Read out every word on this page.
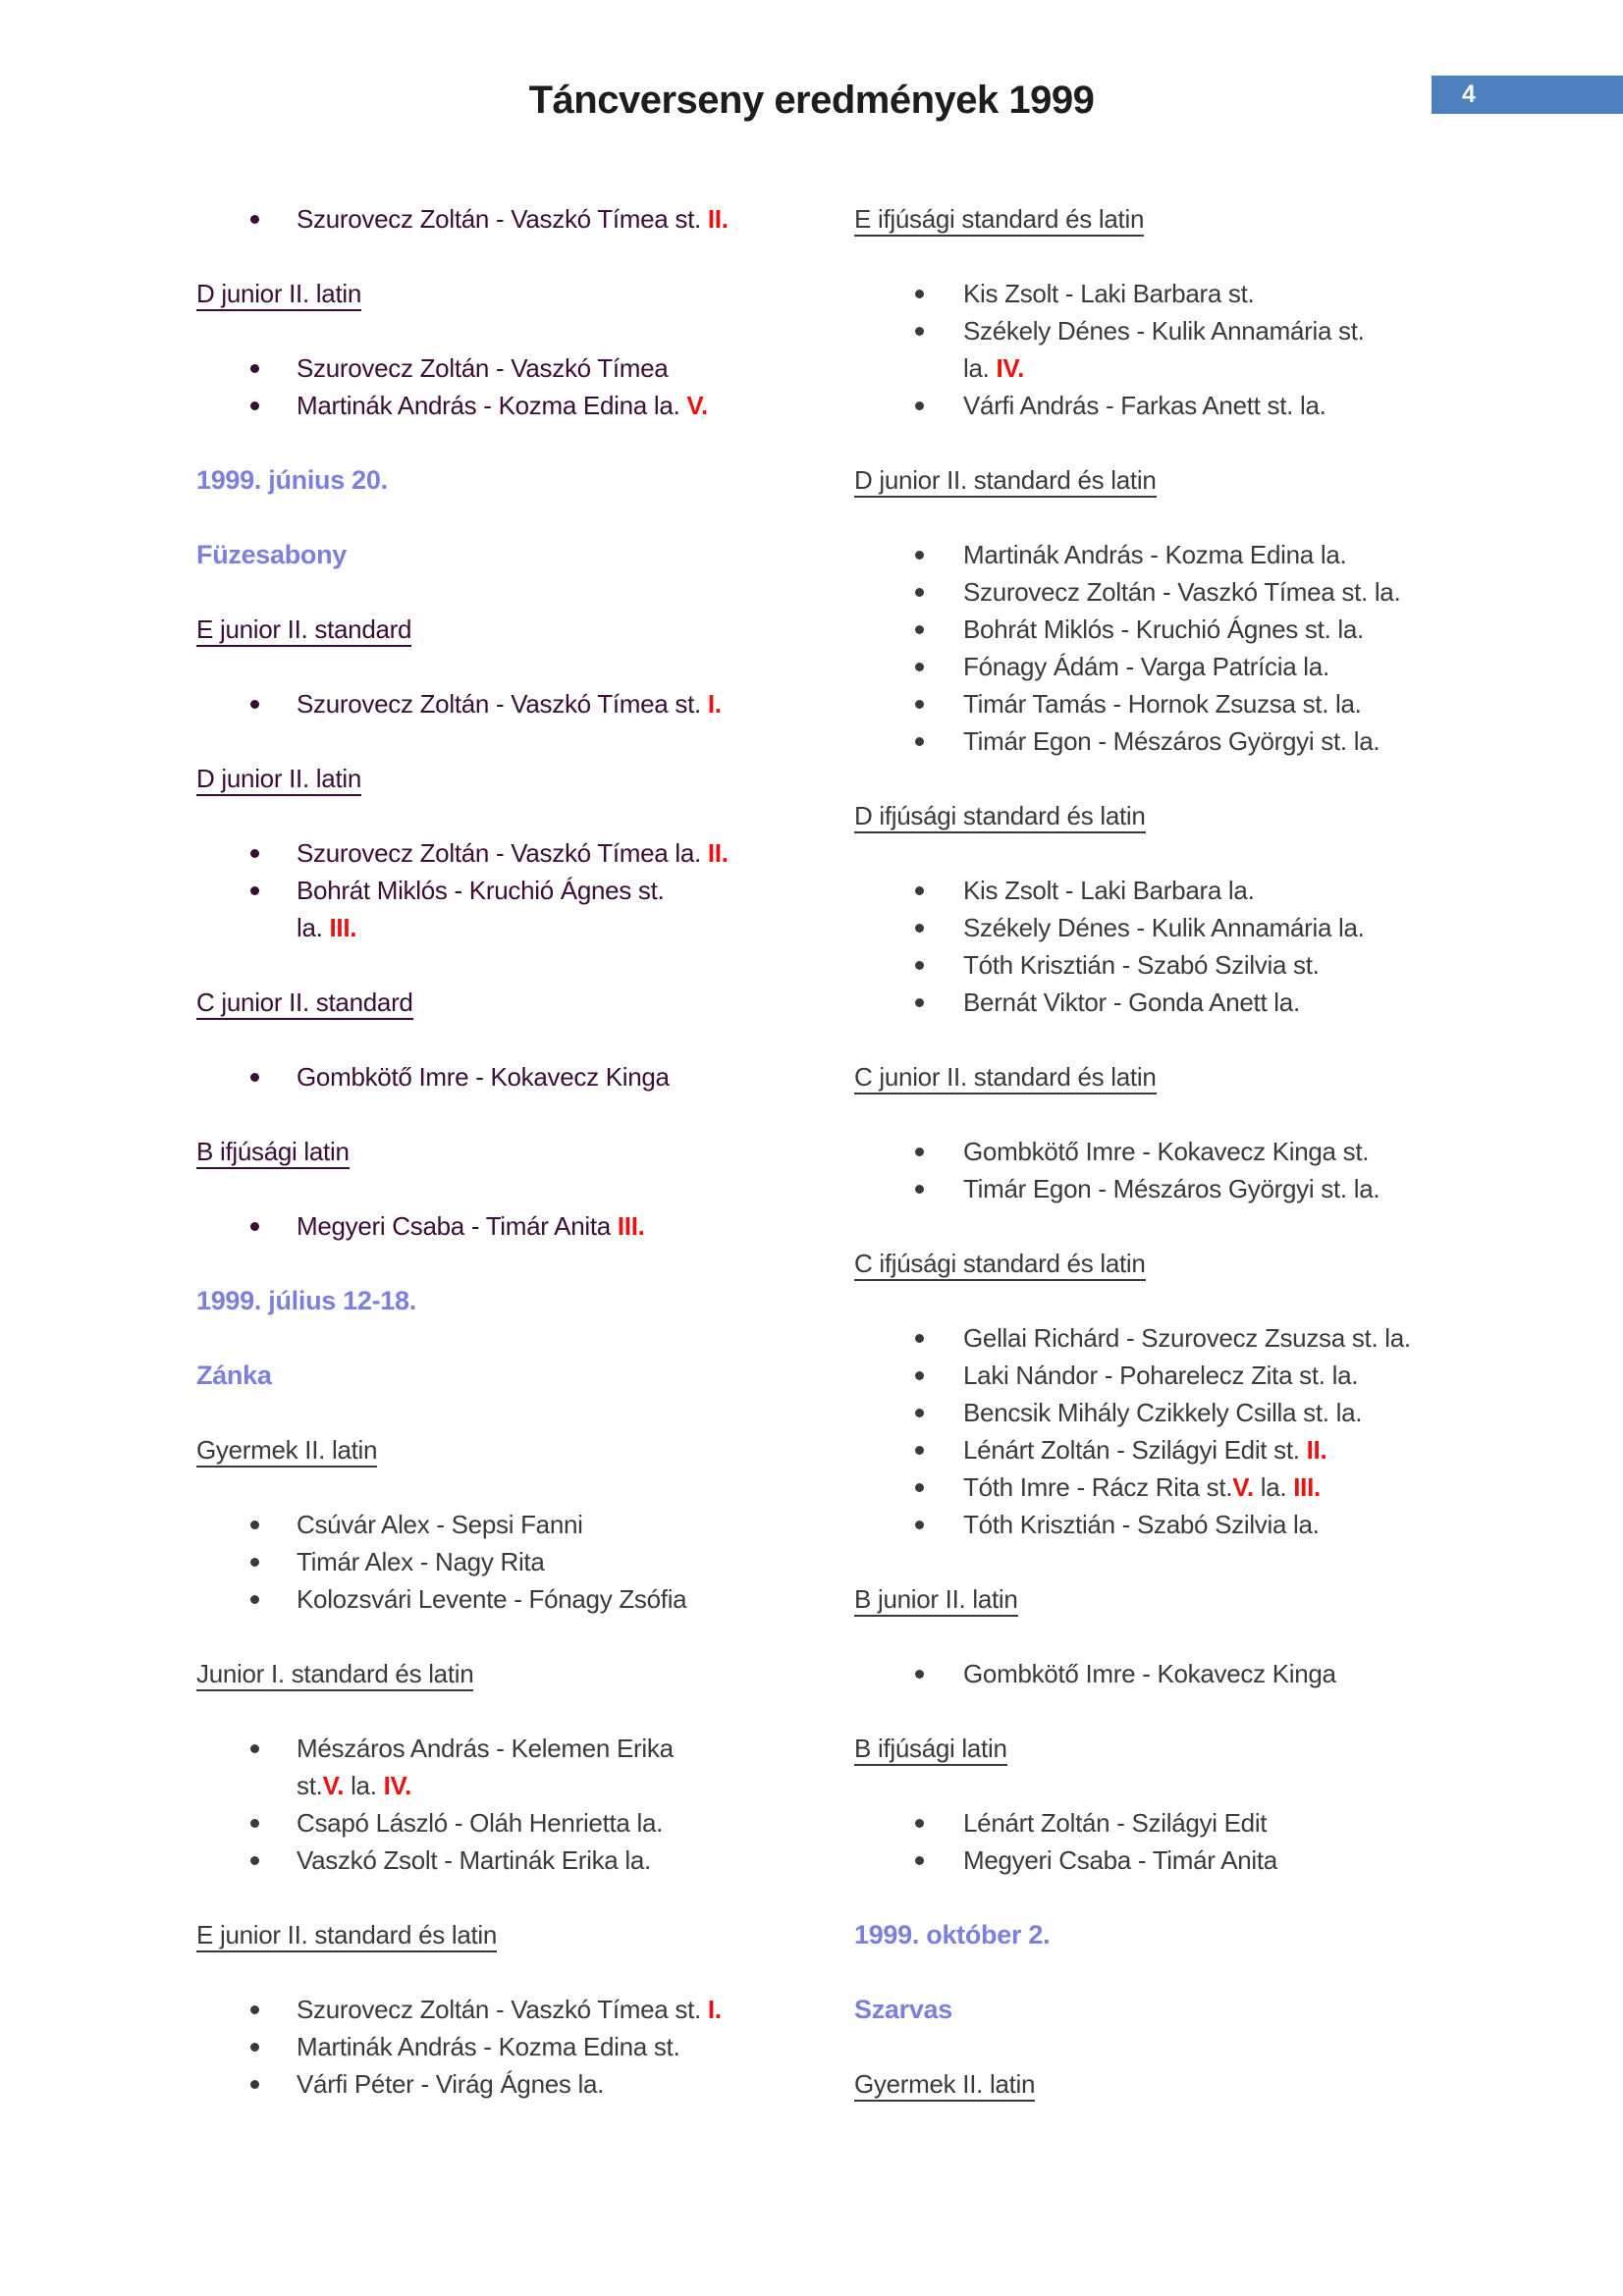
4
Táncverseny eredmények 1999
Szurovecz Zoltán - Vaszkó Tímea st. II.
D junior II. latin
Szurovecz Zoltán - Vaszkó Tímea
Martinák András - Kozma Edina la. V.
1999. június 20.
Füzesabony
E junior II. standard
Szurovecz Zoltán - Vaszkó Tímea st. I.
D junior II. latin
Szurovecz Zoltán - Vaszkó Tímea la. II.
Bohrát Miklós - Kruchió Ágnes st.
la. III.
C junior II. standard
Gombkötő Imre - Kokavecz Kinga
B ifjúsági latin
Megyeri Csaba - Timár Anita III.
1999. július 12-18.
Zánka
Gyermek II. latin
Csúvár Alex - Sepsi Fanni
Timár Alex - Nagy Rita
Kolozsvári Levente - Fónagy Zsófia
Junior I. standard és latin
Mészáros András - Kelemen Erika
st.V. la. IV.
Csapó László - Oláh Henrietta la.
Vaszkó Zsolt - Martinák Erika la.
E junior II. standard és latin
Szurovecz Zoltán - Vaszkó Tímea st. I.
Martinák András - Kozma Edina st.
Várfi Péter - Virág Ágnes la.
E ifjúsági standard és latin
Kis Zsolt - Laki Barbara st.
Székely Dénes - Kulik Annamária st.
la. IV.
Várfi András - Farkas Anett st. la.
D junior II. standard és latin
Martinák András - Kozma Edina la.
Szurovecz Zoltán - Vaszkó Tímea st. la.
Bohrát Miklós - Kruchió Ágnes st. la.
Fónagy Ádám - Varga Patrícia la.
Timár Tamás - Hornok Zsuzsa st. la.
Timár Egon - Mészáros Györgyi st. la.
D ifjúsági standard és latin
Kis Zsolt - Laki Barbara la.
Székely Dénes - Kulik Annamária la.
Tóth Krisztián - Szabó Szilvia st.
Bernát Viktor - Gonda Anett la.
C junior II. standard és latin
Gombkötő Imre - Kokavecz Kinga st.
Timár Egon - Mészáros Györgyi st. la.
C ifjúsági standard és latin
Gellai Richárd - Szurovecz Zsuzsa st. la.
Laki Nándor - Poharelecz Zita st. la.
Bencsik Mihály Czikkely Csilla st. la.
Lénárt Zoltán - Szilágyi Edit st. II.
Tóth Imre - Rácz Rita st.V. la. III.
Tóth Krisztián - Szabó Szilvia la.
B junior II. latin
Gombkötő Imre - Kokavecz Kinga
B ifjúsági latin
Lénárt Zoltán - Szilágyi Edit
Megyeri Csaba - Timár Anita
1999. október 2.
Szarvas
Gyermek II. latin
